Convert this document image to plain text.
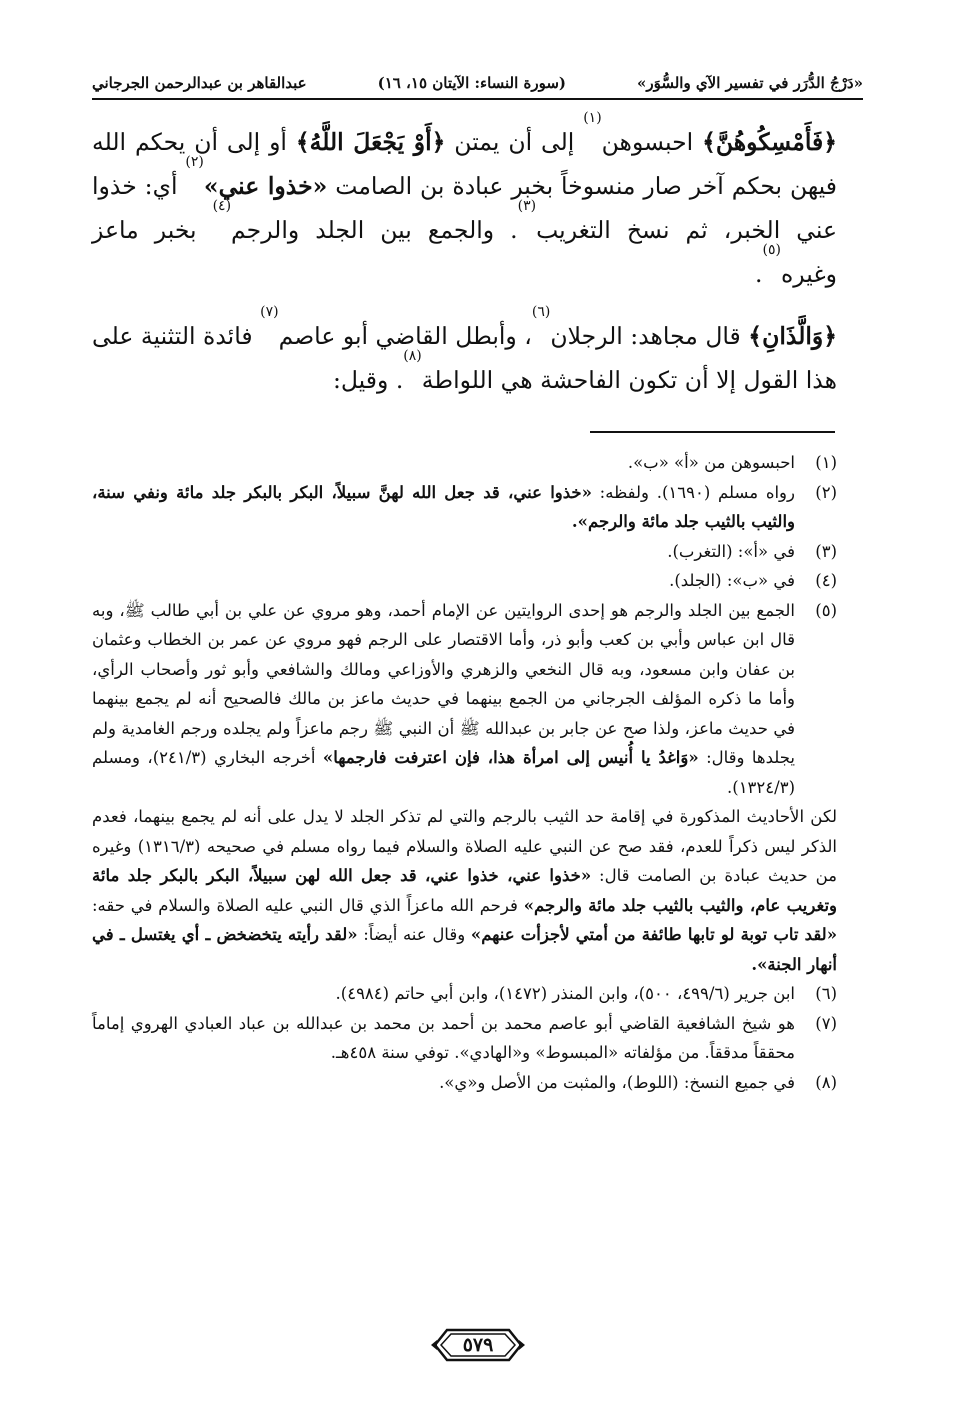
«دَرْجُ الدُّرَر في تفسير الآي والسُّوَر»
(سورة النساء: الآيتان ١٥، ١٦)
عبدالقاهر بن عبدالرحمن الجرجاني

﴿فَأَمْسِكُوهُنَّ﴾ احبسوهن$^{(١)}$ إلى أن يمتن ﴿أَوْ يَجْعَلَ اللَّهُ﴾ أو إلى أن يحكم الله فيهن بحكم آخر صار منسوخاً بخبر عبادة بن الصامت «خذوا عني»$^{(٢)}$ أي: خذوا عني الخبر، ثم نسخ التغريب$^{(٣)}$. والجمع بين الجلد والرجم$^{(٤)}$ بخبر ماعز وغيره$^{(٥)}$.

﴿وَالَّذَانِ﴾ قال مجاهد: الرجلان$^{(٦)}$، وأبطل القاضي أبو عاصم$^{(٧)}$ فائدة التثنية على هذا القول إلا أن تكون الفاحشة هي اللواطة$^{(٨)}$. وقيل:

(١)
احبسوهن من «أ» «ب».
(٢)
رواه مسلم (١٦٩٠). ولفظه: «خذوا عني، قد جعل الله لهنَّ سبيلاً، البكر بالبكر جلد مائة ونفي سنة، والثيب بالثيب جلد مائة والرجم».
(٣)
في «أ»: (التغرب).
(٤)
في «ب»: (الجلد).
(٥)
الجمع بين الجلد والرجم هو إحدى الروايتين عن الإمام أحمد، وهو مروي عن علي بن أبي طالب ﷺ، وبه قال ابن عباس وأبي بن كعب وأبو ذر، وأما الاقتصار على الرجم فهو مروي عن عمر بن الخطاب وعثمان بن عفان وابن مسعود، وبه قال النخعي والزهري والأوزاعي ومالك والشافعي وأبو ثور وأصحاب الرأي، وأما ما ذكره المؤلف الجرجاني من الجمع بينهما في حديث ماعز بن مالك فالصحيح أنه لم يجمع بينهما في حديث ماعز، ولذا صح عن جابر بن عبدالله ﷺ أن النبي ﷺ رجم ماعزاً ولم يجلده ورجم الغامدية ولم يجلدها وقال: «وَاغدُ يا أُنيس إلى امرأة هذا، فإن اعترفت فارجمها» أخرجه البخاري (٢٤١/٣)، ومسلم (١٣٢٤/٣).
لكن الأحاديث المذكورة في إقامة حد الثيب بالرجم والتي لم تذكر الجلد لا يدل على أنه لم يجمع بينهما، فعدم الذكر ليس ذكراً للعدم، فقد صح عن النبي عليه الصلاة والسلام فيما رواه مسلم في صحيحه (١٣١٦/٣) وغيره من حديث عبادة بن الصامت قال: «خذوا عني، خذوا عني، قد جعل الله لهن سبيلاً، البكر بالبكر جلد مائة وتغريب عام، والثيب بالثيب جلد مائة والرجم» فرحم الله ماعزاً الذي قال النبي عليه الصلاة والسلام في حقه: «لقد تاب توبة لو تابها طائفة من أمتي لأجزأت عنهم» وقال عنه أيضاً: «لقد رأيته يتخضخض ـ أي يغتسل ـ في أنهار الجنة».
(٦)
ابن جرير (٤٩٩/٦، ٥٠٠)، وابن المنذر (١٤٧٢)، وابن أبي حاتم (٤٩٨٤).
(٧)
هو شيخ الشافعية القاضي أبو عاصم محمد بن أحمد بن محمد بن عبدالله بن عباد العبادي الهروي إماماً محققاً مدققاً. من مؤلفاته «المبسوط» و«الهادي». توفي سنة ٤٥٨هـ.
(٨)
في جميع النسخ: (اللوط)، والمثبت من الأصل و«ي».
٥٧٩
